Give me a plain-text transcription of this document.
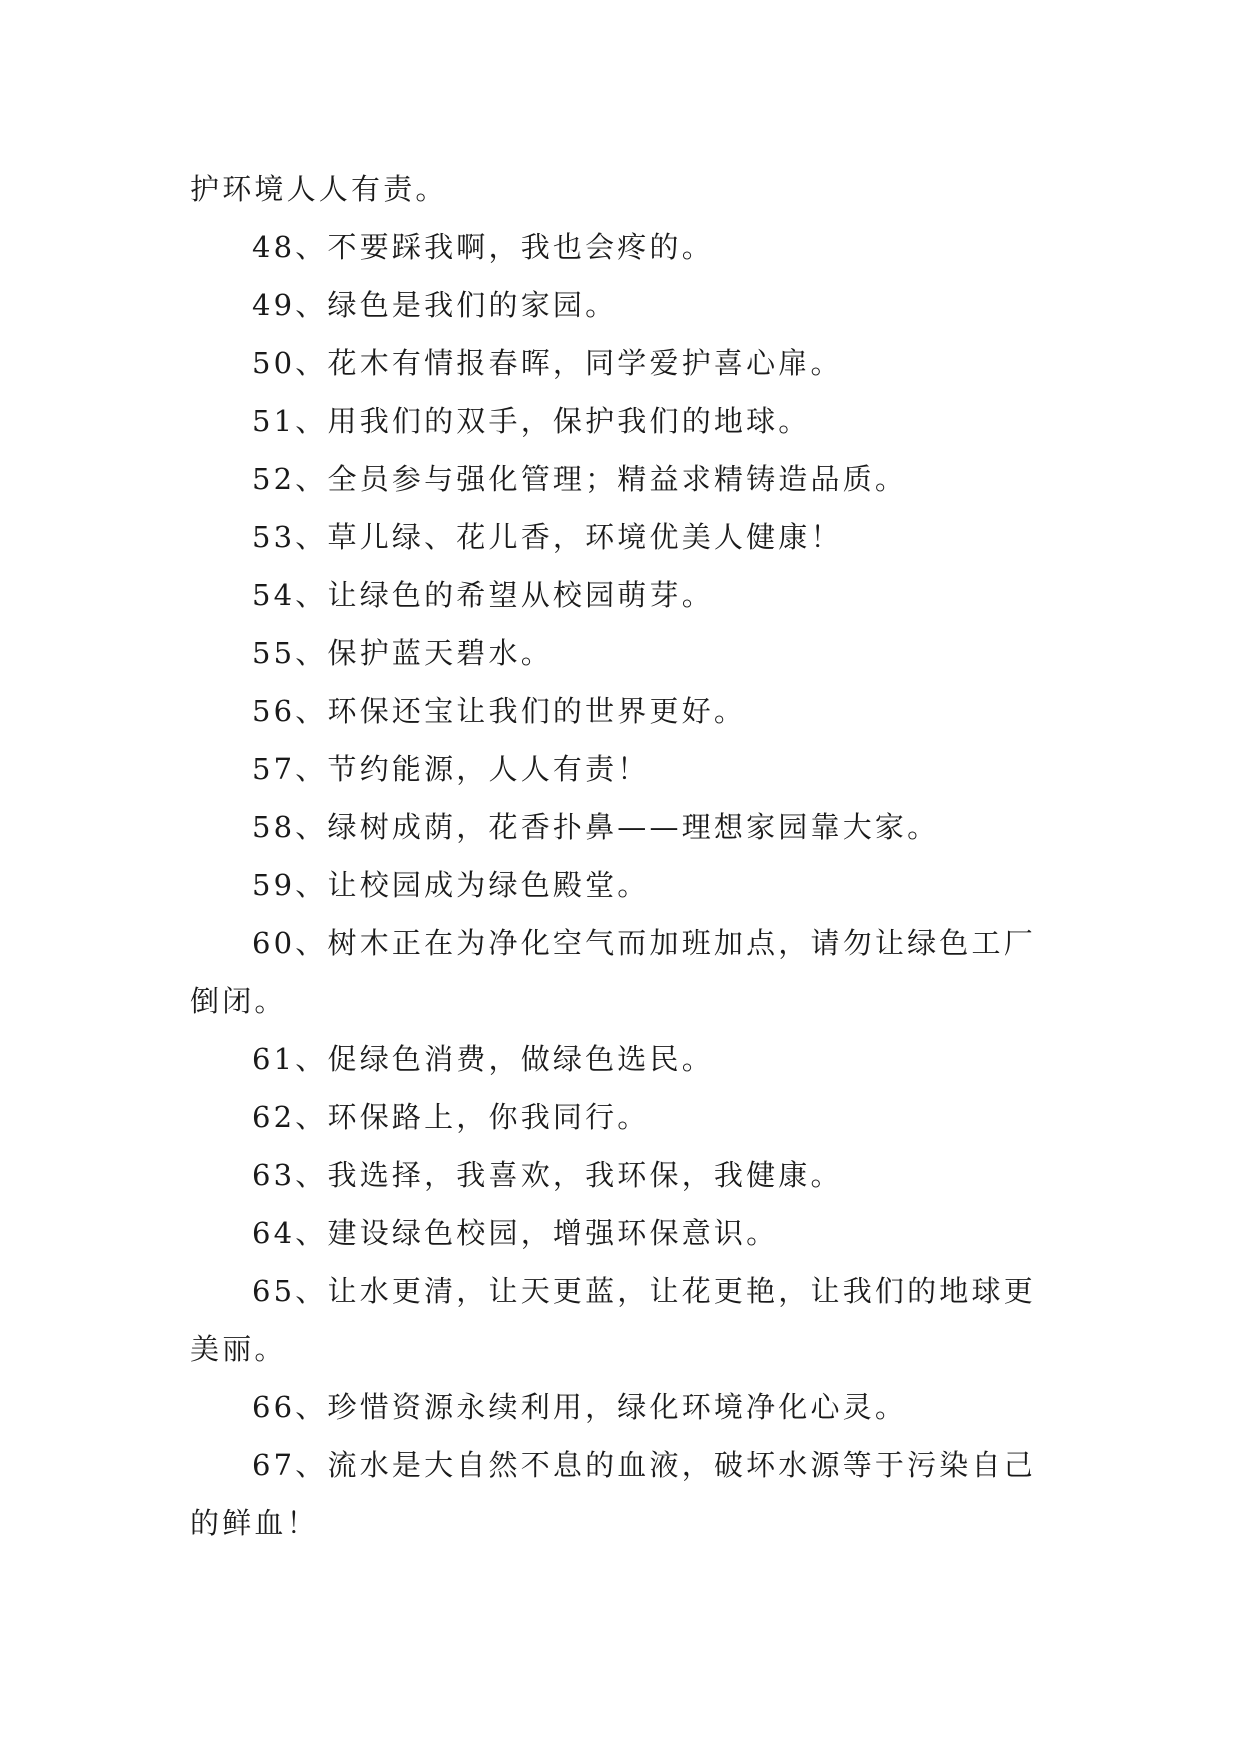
护环境人人有责。

48、不要踩我啊，我也会疼的。

49、绿色是我们的家园。

50、花木有情报春晖，同学爱护喜心扉。

51、用我们的双手，保护我们的地球。

52、全员参与强化管理；精益求精铸造品质。

53、草儿绿、花儿香，环境优美人健康！

54、让绿色的希望从校园萌芽。

55、保护蓝天碧水。

56、环保还宝让我们的世界更好。

57、节约能源，人人有责！

58、绿树成荫，花香扑鼻——理想家园靠大家。

59、让校园成为绿色殿堂。

60、树木正在为净化空气而加班加点，请勿让绿色工厂倒闭。

61、促绿色消费，做绿色选民。

62、环保路上，你我同行。

63、我选择，我喜欢，我环保，我健康。

64、建设绿色校园，增强环保意识。

65、让水更清，让天更蓝，让花更艳，让我们的地球更美丽。

66、珍惜资源永续利用，绿化环境净化心灵。

67、流水是大自然不息的血液，破坏水源等于污染自己的鲜血！
